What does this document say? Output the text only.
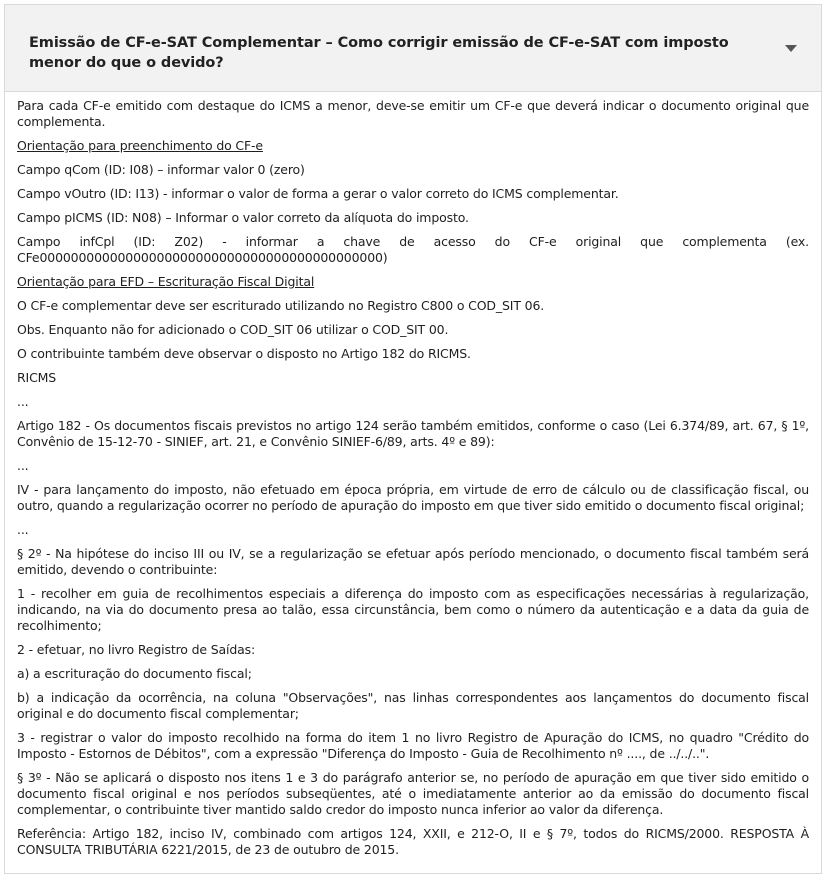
Emissão de CF-e-SAT Complementar – Como corrigir emissão de CF-e-SAT com imposto menor do que o devido?

Para cada CF-e emitido com destaque do ICMS a menor, deve-se emitir um CF-e que deverá indicar o documento original que complementa.

Orientação para preenchimento do CF-e

Campo qCom (ID: I08) – informar valor 0 (zero)

Campo vOutro (ID: I13) - informar o valor de forma a gerar o valor correto do ICMS complementar.

Campo pICMS (ID: N08) – Informar o valor correto da alíquota do imposto.

Campo infCpl (ID: Z02) - informar a chave de acesso do CF-e original que complementa (ex. CFe00000000000000000000000000000000000000000000)

Orientação para EFD – Escrituração Fiscal Digital

O CF-e complementar deve ser escriturado utilizando no Registro C800 o COD_SIT 06.

Obs. Enquanto não for adicionado o COD_SIT 06 utilizar o COD_SIT 00.

O contribuinte também deve observar o disposto no Artigo 182 do RICMS.

RICMS

...

Artigo 182 - Os documentos fiscais previstos no artigo 124 serão também emitidos, conforme o caso (Lei 6.374/89, art. 67, § 1º, Convênio de 15-12-70 - SINIEF, art. 21, e Convênio SINIEF-6/89, arts. 4º e 89):

...

IV - para lançamento do imposto, não efetuado em época própria, em virtude de erro de cálculo ou de classificação fiscal, ou outro, quando a regularização ocorrer no período de apuração do imposto em que tiver sido emitido o documento fiscal original;

...

§ 2º - Na hipótese do inciso III ou IV, se a regularização se efetuar após período mencionado, o documento fiscal também será emitido, devendo o contribuinte:

1 - recolher em guia de recolhimentos especiais a diferença do imposto com as especificações necessárias à regularização, indicando, na via do documento presa ao talão, essa circunstância, bem como o número da autenticação e a data da guia de recolhimento;

2 - efetuar, no livro Registro de Saídas:

a) a escrituração do documento fiscal;

b) a indicação da ocorrência, na coluna "Observações", nas linhas correspondentes aos lançamentos do documento fiscal original e do documento fiscal complementar;

3 - registrar o valor do imposto recolhido na forma do item 1 no livro Registro de Apuração do ICMS, no quadro "Crédito do Imposto - Estornos de Débitos", com a expressão "Diferença do Imposto - Guia de Recolhimento nº ...., de ../../..".

§ 3º - Não se aplicará o disposto nos itens 1 e 3 do parágrafo anterior se, no período de apuração em que tiver sido emitido o documento fiscal original e nos períodos subseqüentes, até o imediatamente anterior ao da emissão do documento fiscal complementar, o contribuinte tiver mantido saldo credor do imposto nunca inferior ao valor da diferença.

Referência: Artigo 182, inciso IV, combinado com artigos 124, XXII, e 212-O, II e § 7º, todos do RICMS/2000. RESPOSTA À CONSULTA TRIBUTÁRIA 6221/2015, de 23 de outubro de 2015.
